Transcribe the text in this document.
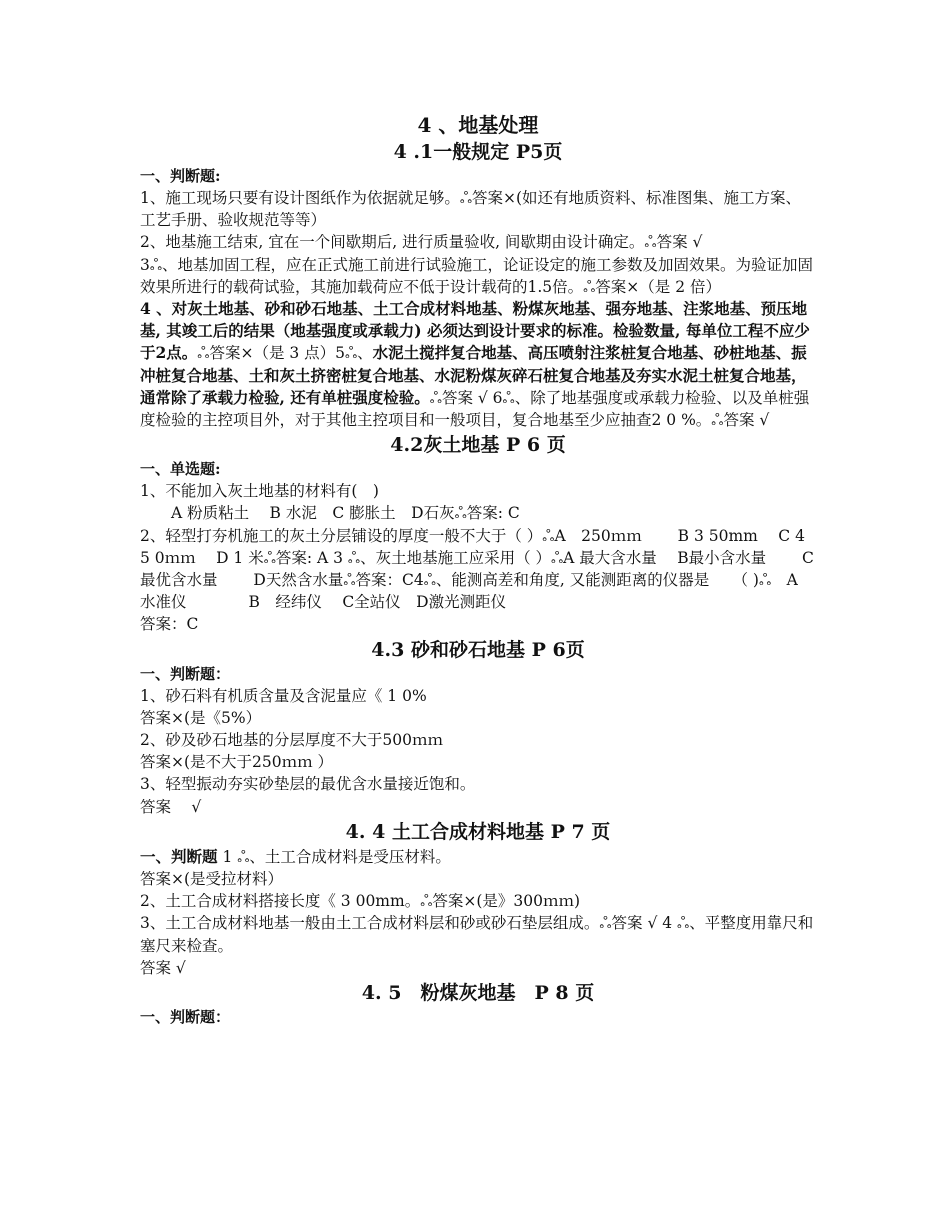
4 、地基处理
4 .1一般规定 P5页

一、判断题:

1、施工现场只要有设计图纸作为依据就足够。ஃ答案×(如还有地质资料、标准图集、施工方案、工艺手册、验收规范等等）

2、地基施工结束, 宜在一个间歇期后, 进行质量验收, 间歇期由设计确定。ஃ答案 √

3ஃ、地基加固工程，应在正式施工前进行试验施工，论证设定的施工参数及加固效果。为验证加固效果所进行的载荷试验，其施加载荷应不低于设计载荷的1.5倍。ஃ答案×（是 2 倍）

4 、对灰土地基、砂和砂石地基、土工合成材料地基、粉煤灰地基、强夯地基、注浆地基、预压地基, 其竣工后的结果（地基强度或承载力) 必须达到设计要求的标准。检验数量, 每单位工程不应少于2点。ஃ答案×（是 3 点）5ஃ、水泥土搅拌复合地基、高压喷射注浆桩复合地基、砂桩地基、振冲桩复合地基、土和灰土挤密桩复合地基、水泥粉煤灰碎石桩复合地基及夯实水泥土桩复合地基，通常除了承载力检验, 还有单桩强度检验。ஃ答案 √ 6ஃ、除了地基强度或承载力检验、以及单桩强度检验的主控项目外，对于其他主控项目和一般项目，复合地基至少应抽查2 0 %。ஃ答案 √

4.2灰土地基 P 6 页

一、单选题:

1、不能加入灰土地基的材料有(　)

　　A 粉质粘土　 B 水泥　C 膨胀土　D石灰ஃ答案: C

2、轻型打夯机施工的灰土分层铺设的厚度一般不大于（ ）ஃA　250ｍｍ　　 B 3 50mm　 C 4 5 0ｍｍ　 D 1 米ஃ答案: A 3 ஃ、灰土地基施工应采用（ ）ஃA 最大含水量　 B最小含水量　　 C 最优含水量　　 D天然含水量ஃ答案：C4ஃ、能测高差和角度, 又能测距离的仪器是　　（ )ஃ　A　水准仪　　　　B　经纬仪　 C全站仪　D激光测距仪

答案：C

4.3 砂和砂石地基 P 6页

一、判断题：

1、砂石料有机质含量及含泥量应《 1 0%

答案×(是《5%）

2、砂及砂石地基的分层厚度不大于500ｍｍ

答案×(是不大于250ｍｍ ）

3、轻型振动夯实砂垫层的最优含水量接近饱和。

答案　 √

4. 4 土工合成材料地基 P 7 页

一、判断题 1 ஃ、土工合成材料是受压材料。

答案×(是受拉材料）

2、土工合成材料搭接长度《 3 00mm。ஃ答案×(是》300ｍｍ)

3、土工合成材料地基一般由土工合成材料层和砂或砂石垫层组成。ஃ答案 √ 4 ஃ、平整度用靠尺和塞尺来检查。

答案 √

4. 5　粉煤灰地基　P 8 页

一、判断题：
